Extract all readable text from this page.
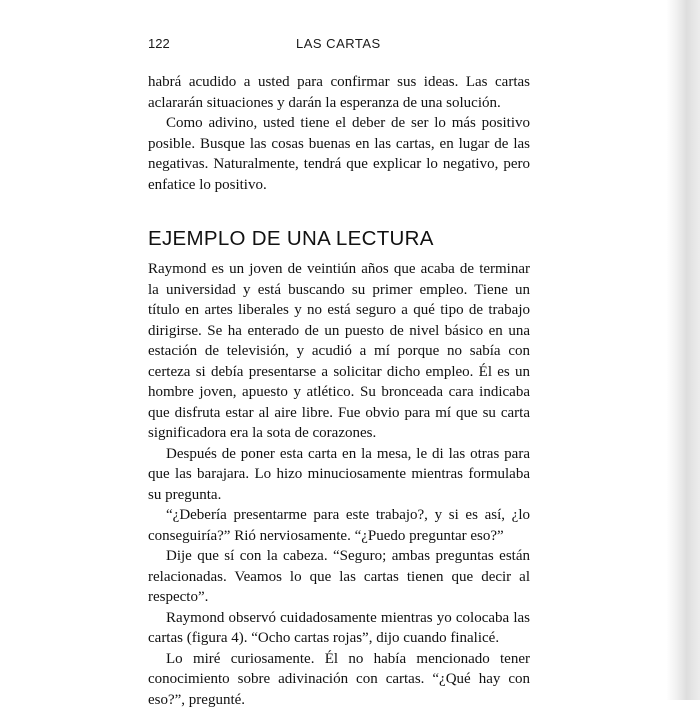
122	LAS CARTAS

habrá acudido a usted para confirmar sus ideas. Las cartas aclararán situaciones y darán la esperanza de una solución.

Como adivino, usted tiene el deber de ser lo más positivo posible. Busque las cosas buenas en las cartas, en lugar de las negativas. Naturalmente, tendrá que explicar lo negativo, pero enfatice lo positivo.

EJEMPLO DE UNA LECTURA

Raymond es un joven de veintiún años que acaba de terminar la universidad y está buscando su primer empleo. Tiene un título en artes liberales y no está seguro a qué tipo de trabajo dirigirse. Se ha enterado de un puesto de nivel básico en una estación de televisión, y acudió a mí porque no sabía con certeza si debía presentarse a solicitar dicho empleo. Él es un hombre joven, apuesto y atlético. Su bronceada cara indicaba que disfruta estar al aire libre. Fue obvio para mí que su carta significadora era la sota de corazones.

Después de poner esta carta en la mesa, le di las otras para que las barajara. Lo hizo minuciosamente mientras formulaba su pregunta.

“¿Debería presentarme para este trabajo?, y si es así, ¿lo conseguiría?” Rió nerviosamente. “¿Puedo preguntar eso?”

Dije que sí con la cabeza. “Seguro; ambas preguntas están relacionadas. Veamos lo que las cartas tienen que decir al respecto”.

Raymond observó cuidadosamente mientras yo colocaba las cartas (figura 4). “Ocho cartas rojas”, dijo cuando finalicé.

Lo miré curiosamente. Él no había mencionado tener conocimiento sobre adivinación con cartas. “¿Qué hay con eso?”, pregunté.
